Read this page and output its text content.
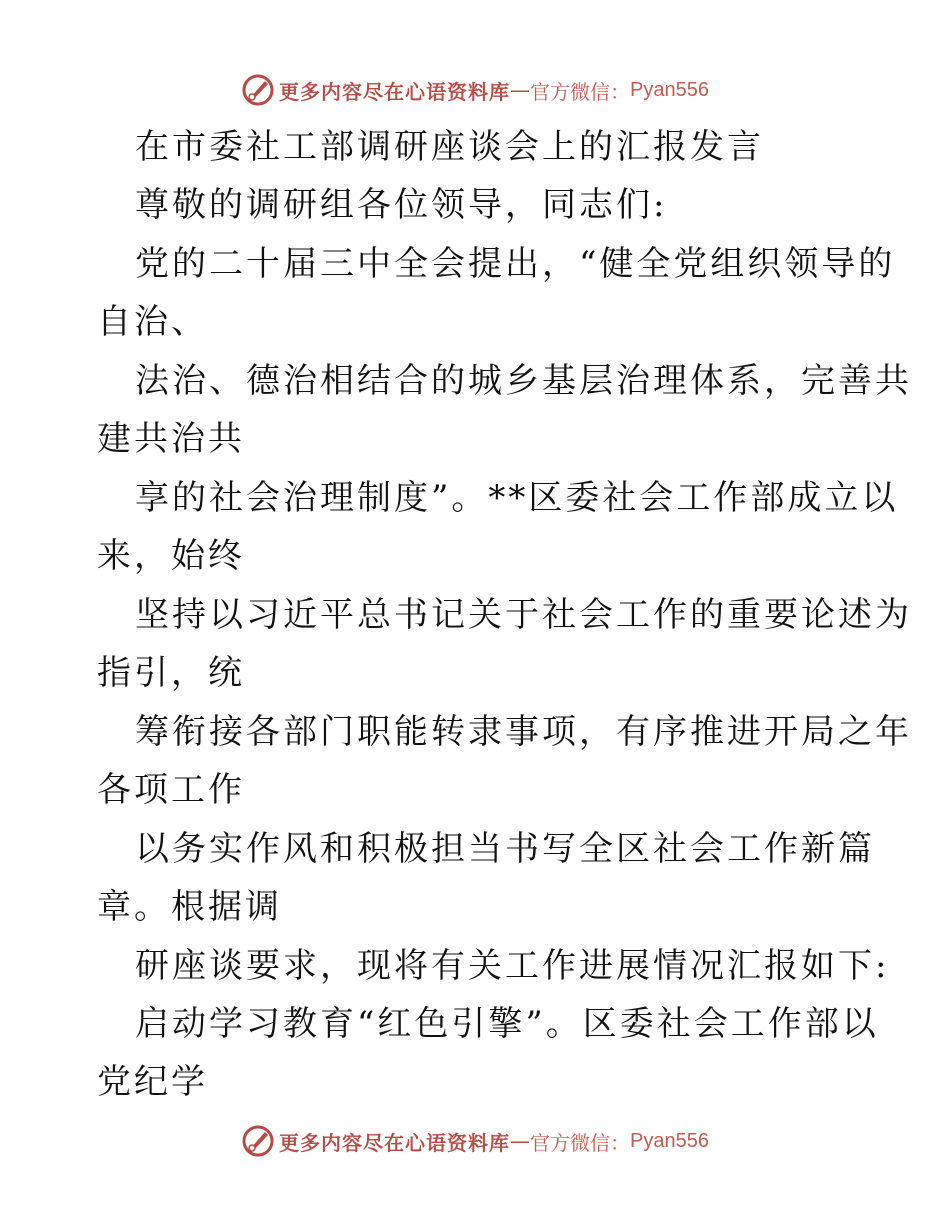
更多内容尽在心语资料库 — 官方微信： Pyan556
在市委社工部调研座谈会上的汇报发言
尊敬的调研组各位领导，同志们:
党的二十届三中全会提出，“健全党组织领导的
自治、
法治、德治相结合的城乡基层治理体系，完善共
建共治共
享的社会治理制度”。**区委社会工作部成立以
来，始终
坚持以习近平总书记关于社会工作的重要论述为
指引，统
筹衔接各部门职能转隶事项，有序推进开局之年
各项工作
以务实作风和积极担当书写全区社会工作新篇
章。根据调
研座谈要求，现将有关工作进展情况汇报如下:
启动学习教育“红色引擎”。区委社会工作部以
党纪学
更多内容尽在心语资料库 — 官方微信： Pyan556
